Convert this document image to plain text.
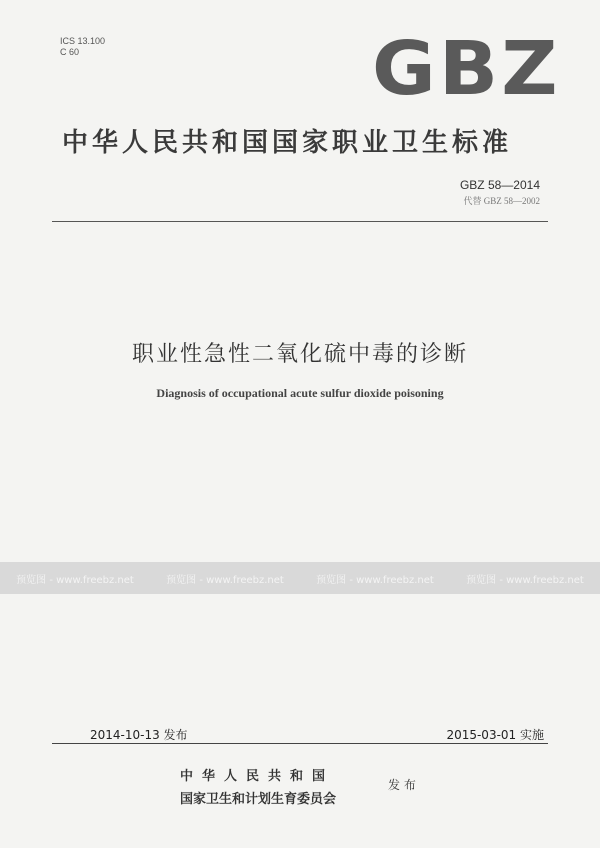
ICS 13.100
C 60	GBZ
中华人民共和国国家职业卫生标准
GBZ 58—2014
代替 GBZ 58—2002
职业性急性二氧化硫中毒的诊断
Diagnosis of occupational acute sulfur dioxide poisoning
预览图 - www.freebz.net	预览图 - www.freebz.net	预览图 - www.freebz.net	预览图 - www.freebz.net
2014-10-13 发布	2015-03-01 实施
中华人民共和国
国家卫生和计划生育委员会
发 布
